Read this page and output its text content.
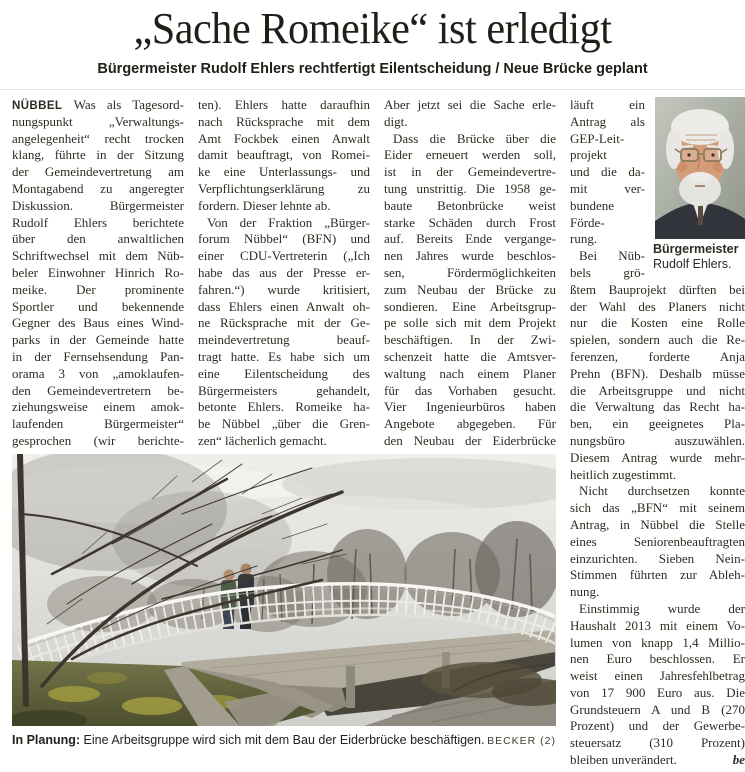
„Sache Romeike“ ist erledigt
Bürgermeister Rudolf Ehlers rechtfertigt Eilentscheidung / Neue Brücke geplant
NÜBBEL Was als Tagesord-
nungspunkt „Verwaltungs-
angelegenheit“ recht trocken
klang, führte in der Sitzung
der Gemeindevertretung am
Montagabend zu angeregter
Diskussion. Bürgermeister
Rudolf Ehlers berichtete
über den anwaltlichen
Schriftwechsel mit dem Nüb-
beler Einwohner Hinrich Ro-
meike. Der prominente
Sportler und bekennende
Gegner des Baus eines Wind-
parks in der Gemeinde hatte
in der Fernsehsendung Pan-
orama 3 von „amoklaufen-
den Gemeindevertretern be-
ziehungsweise einem amok-
laufenden Bürgermeister“
gesprochen (wir berichte-
ten). Ehlers hatte daraufhin
nach Rücksprache mit dem
Amt Fockbek einen Anwalt
damit beauftragt, von Romei-
ke eine Unterlassungs- und
Verpflichtungserklärung zu
fordern. Dieser lehnte ab.
Von der Fraktion „Bürger-
forum Nübbel“ (BFN) und
einer CDU-Vertreterin („Ich
habe das aus der Presse er-
fahren.“) wurde kritisiert,
dass Ehlers einen Anwalt oh-
ne Rücksprache mit der Ge-
meindevertretung beauf-
tragt hatte. Es habe sich um
eine Eilentscheidung des
Bürgermeisters gehandelt,
betonte Ehlers. Romeike ha-
be Nübbel „über die Gren-
zen“ lächerlich gemacht.
Aber jetzt sei die Sache erle-
digt.
Dass die Brücke über die
Eider erneuert werden soll,
ist in der Gemeindevertre-
tung unstrittig. Die 1958 ge-
baute Betonbrücke weist
starke Schäden durch Frost
auf. Bereits Ende vergange-
nen Jahres wurde beschlos-
sen, Fördermöglichkeiten
zum Neubau der Brücke zu
sondieren. Eine Arbeitsgrup-
pe solle sich mit dem Projekt
beschäftigen. In der Zwi-
schenzeit hatte die Amtsver-
waltung nach einem Planer
für das Vorhaben gesucht.
Vier Ingenieurbüros haben
Angebote abgegeben. Für
den Neubau der Eiderbrücke
In Planung: Eine Arbeitsgruppe wird sich mit dem Bau der Eiderbrücke beschäftigen. BECKER (2)
Bürgermeister
Rudolf Ehlers.
läuft ein
Antrag als
GEP-Leit-
projekt
und die da-
mit ver-
bundene
Förde-
rung.
Bei Nüb-
bels grö-
ßtem Bauprojekt dürften bei
der Wahl des Planers nicht
nur die Kosten eine Rolle
spielen, sondern auch die Re-
ferenzen, forderte Anja
Prehn (BFN). Deshalb müsse
die Arbeitsgruppe und nicht
die Verwaltung das Recht ha-
ben, ein geeignetes Pla-
nungsbüro auszuwählen.
Diesem Antrag wurde mehr-
heitlich zugestimmt.
Nicht durchsetzen konnte
sich das „BFN“ mit seinem
Antrag, in Nübbel die Stelle
eines Seniorenbeauftragten
einzurichten. Sieben Nein-
Stimmen führten zur Ableh-
nung.
Einstimmig wurde der
Haushalt 2013 mit einem Vo-
lumen von knapp 1,4 Millio-
nen Euro beschlossen. Er
weist einen Jahresfehlbetrag
von 17 900 Euro aus. Die
Grundsteuern A und B (270
Prozent) und der Gewerbe-
steuersatz (310 Prozent)
bleiben unverändert.	be
